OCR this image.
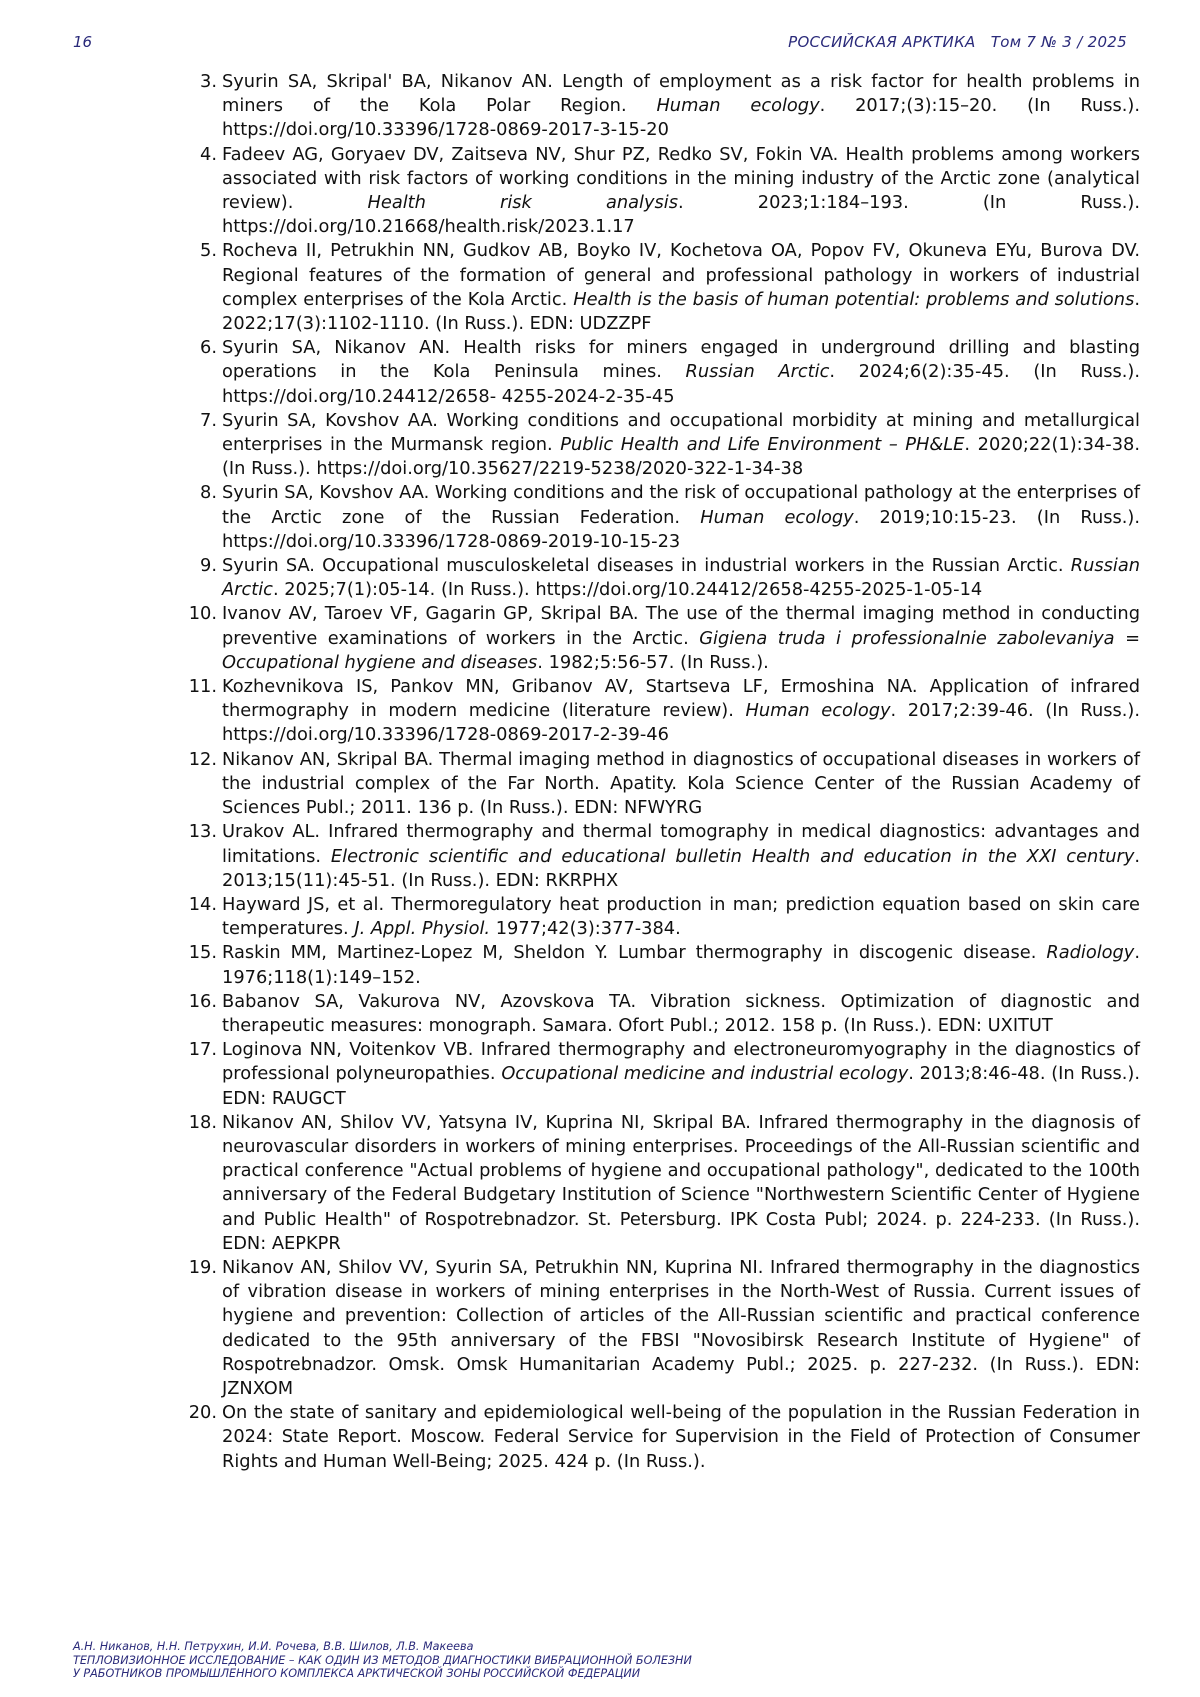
16	РОССИЙСКАЯ АРКТИКА   Том 7 № 3 / 2025
3. Syurin SA, Skripal' BA, Nikanov AN. Length of employment as a risk factor for health problems in miners of the Kola Polar Region. Human ecology. 2017;(3):15–20. (In Russ.). https://doi.org/10.33396/1728-0869-2017-3-15-20
4. Fadeev AG, Goryaev DV, Zaitseva NV, Shur PZ, Redko SV, Fokin VA. Health problems among workers associated with risk factors of working conditions in the mining industry of the Arctic zone (analytical review). Health risk analysis. 2023;1:184–193. (In Russ.). https://doi.org/10.21668/health.risk/2023.1.17
5. Rocheva II, Petrukhin NN, Gudkov AB, Boyko IV, Kochetova OA, Popov FV, Okuneva EYu, Burova DV. Regional features of the formation of general and professional pathology in workers of industrial complex enterprises of the Kola Arctic. Health is the basis of human potential: problems and solutions. 2022;17(3):1102-1110. (In Russ.). EDN: UDZZPF
6. Syurin SA, Nikanov AN. Health risks for miners engaged in underground drilling and blasting operations in the Kola Peninsula mines. Russian Arctic. 2024;6(2):35-45. (In Russ.). https://doi.org/10.24412/2658- 4255-2024-2-35-45
7. Syurin SA, Kovshov AA. Working conditions and occupational morbidity at mining and metallurgical enterprises in the Murmansk region. Public Health and Life Environment – PH&LE. 2020;22(1):34-38. (In Russ.). https://doi.org/10.35627/2219-5238/2020-322-1-34-38
8. Syurin SA, Kovshov AA. Working conditions and the risk of occupational pathology at the enterprises of the Arctic zone of the Russian Federation. Human ecology. 2019;10:15-23. (In Russ.). https://doi.org/10.33396/1728-0869-2019-10-15-23
9. Syurin SA. Occupational musculoskeletal diseases in industrial workers in the Russian Arctic. Russian Arctic. 2025;7(1):05-14. (In Russ.). https://doi.org/10.24412/2658-4255-2025-1-05-14
10. Ivanov AV, Taroev VF, Gagarin GP, Skripal BA. The use of the thermal imaging method in conducting preventive examinations of workers in the Arctic. Gigiena truda i professionalnie zabolevaniya = Occupational hygiene and diseases. 1982;5:56-57. (In Russ.).
11. Kozhevnikova IS, Pankov MN, Gribanov AV, Startseva LF, Ermoshina NA. Application of infrared thermography in modern medicine (literature review). Human ecology. 2017;2:39-46. (In Russ.). https://doi.org/10.33396/1728-0869-2017-2-39-46
12. Nikanov AN, Skripal BA. Thermal imaging method in diagnostics of occupational diseases in workers of the industrial complex of the Far North. Apatity. Kola Science Center of the Russian Academy of Sciences Publ.; 2011. 136 p. (In Russ.). EDN: NFWYRG
13. Urakov AL. Infrared thermography and thermal tomography in medical diagnostics: advantages and limitations. Electronic scientific and educational bulletin Health and education in the XXI century. 2013;15(11):45-51. (In Russ.). EDN: RKRPHX
14. Hayward JS, et al. Thermoregulatory heat production in man; prediction equation based on skin care temperatures. J. Appl. Physiol. 1977;42(3):377-384.
15. Raskin MM, Martinez-Lopez M, Sheldon Y. Lumbar thermography in discogenic disease. Radiology. 1976;118(1):149–152.
16. Babanov SA, Vakurova NV, Azovskova TA. Vibration sickness. Optimization of diagnostic and therapeutic measures: monograph. Sамara. Ofort Publ.; 2012. 158 p. (In Russ.). EDN: UXITUT
17. Loginova NN, Voitenkov VB. Infrared thermography and electroneuromyography in the diagnostics of professional polyneuropathies. Occupational medicine and industrial ecology. 2013;8:46-48. (In Russ.). EDN: RAUGCT
18. Nikanov AN, Shilov VV, Yatsyna IV, Kuprina NI, Skripal BA. Infrared thermography in the diagnosis of neurovascular disorders in workers of mining enterprises. Proceedings of the All-Russian scientific and practical conference "Actual problems of hygiene and occupational pathology", dedicated to the 100th anniversary of the Federal Budgetary Institution of Science "Northwestern Scientific Center of Hygiene and Public Health" of Rospotrebnadzor. St. Petersburg. IPK Costa Publ; 2024. p. 224-233. (In Russ.). EDN: AEPKPR
19. Nikanov AN, Shilov VV, Syurin SA, Petrukhin NN, Kuprina NI. Infrared thermography in the diagnostics of vibration disease in workers of mining enterprises in the North-West of Russia. Current issues of hygiene and prevention: Collection of articles of the All-Russian scientific and practical conference dedicated to the 95th anniversary of the FBSI "Novosibirsk Research Institute of Hygiene" of Rospotrebnadzor. Omsk. Omsk Humanitarian Academy Publ.; 2025. p. 227-232. (In Russ.). EDN: JZNXOM
20. On the state of sanitary and epidemiological well-being of the population in the Russian Federation in 2024: State Report. Moscow. Federal Service for Supervision in the Field of Protection of Consumer Rights and Human Well-Being; 2025. 424 p. (In Russ.).
А.Н. Никанов, Н.Н. Петрухин, И.И. Рочева, В.В. Шилов, Л.В. Макеева
ТЕПЛОВИЗИОННОЕ ИССЛЕДОВАНИЕ – КАК ОДИН ИЗ МЕТОДОВ ДИАГНОСТИКИ ВИБРАЦИОННОЙ БОЛЕЗНИ
У РАБОТНИКОВ ПРОМЫШЛЕННОГО КОМПЛЕКСА АРКТИЧЕСКОЙ ЗОНЫ РОССИЙСКОЙ ФЕДЕРАЦИИ
